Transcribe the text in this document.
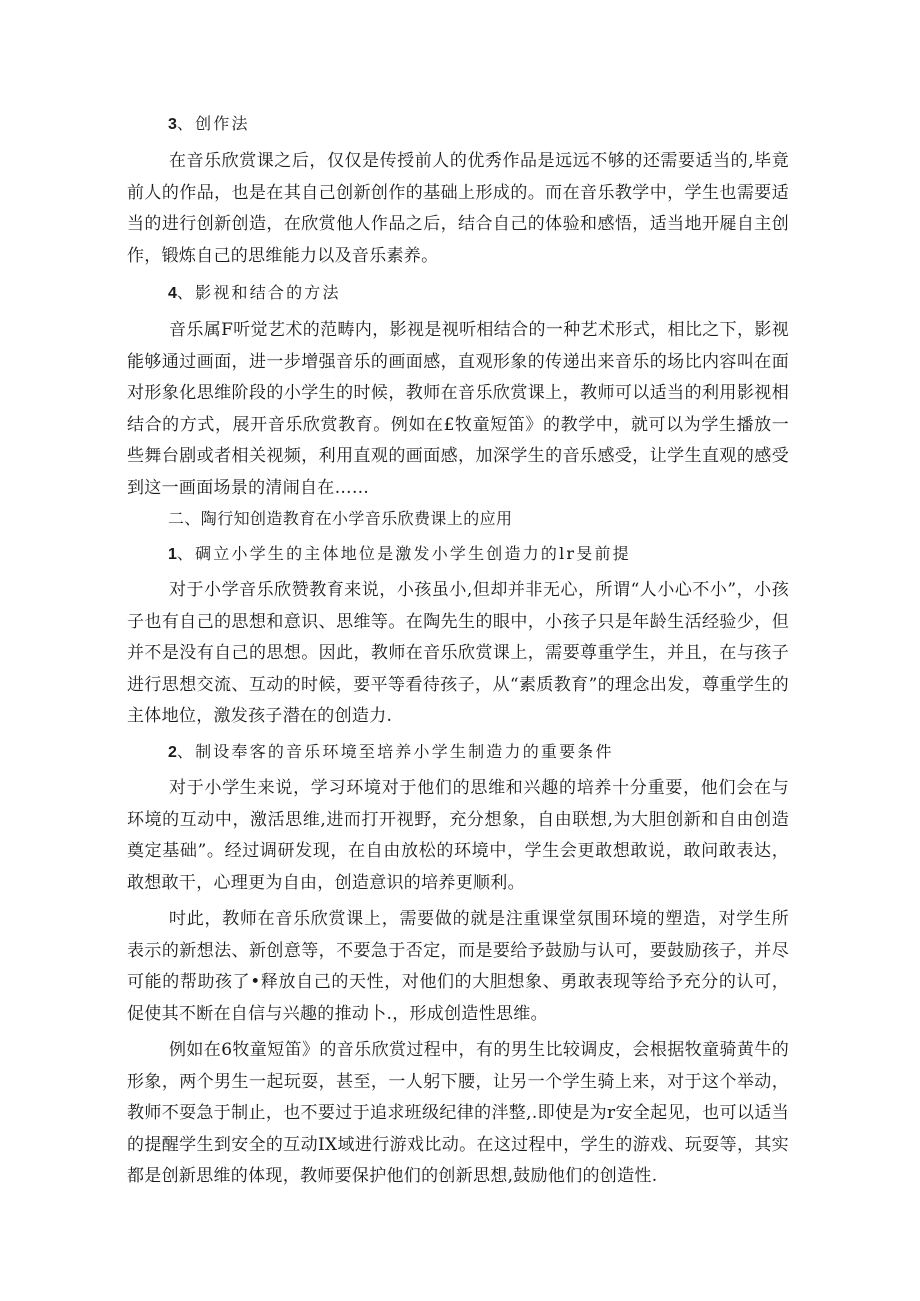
3、创作法

在音乐欣赏课之后，仅仅是传授前人的优秀作品是远远不够的还需要适当的,毕竟前人的作品，也是在其自己创新创作的基础上形成的。而在音乐教学中，学生也需要适当的进行创新创造，在欣赏他人作品之后，结合自己的体验和感悟，适当地开屣自主创作，锻炼自己的思维能力以及音乐素养。

4、影视和结合的方法

音乐属F听觉艺术的范畴内，影视是视听相结合的一种艺术形式，相比之下，影视能够通过画面，进一步增强音乐的画面感，直观形象的传递出来音乐的场比内容叫在面对形象化思维阶段的小学生的时候，教师在音乐欣赏课上，教师可以适当的利用影视相结合的方式，展开音乐欣赏教育。例如在£牧童短笛》的教学中，就可以为学生播放一些舞台剧或者相关视频，利用直观的画面感，加深学生的音乐感受，让学生直观的感受到这一画面场景的清闹自在……

二、陶行知创造教育在小学音乐欣费课上的应用
1、碉立小学生的主体地位是激发小学生创造力的lr旻前提

对于小学音乐欣赞教育来说，小孩虽小,但却并非无心，所谓“人小心不小”，小孩子也有自己的思想和意识、思维等。在陶先生的眼中，小孩子只是年龄生活经验少，但并不是没有自己的思想。因此，教师在音乐欣赏课上，需要尊重学生，并且，在与孩子进行思想交流、互动的时候，要平等看待孩子，从“素质教育”的理念出发，尊重学生的主体地位，激发孩子潜在的创造力.

2、制设奉客的音乐环境至培养小学生制造力的重要条件

对于小学生来说，学习环境对于他们的思维和兴趣的培养十分重要，他们会在与环境的互动中，激活思维,进而打开视野，充分想象，自由联想,为大胆创新和自由创造奠定基础”。经过调研发现，在自由放松的环境中，学生会更敢想敢说，敢问敢表达，敢想敢干，心理更为自由，创造意识的培养更顺利。

吋此，教师在音乐欣赏课上，需要做的就是注重课堂氛围环境的塑造，对学生所表示的新想法、新创意等，不要急于否定，而是要给予鼓励与认可，要鼓励孩子，并尽可能的帮助孩了•释放自己的天性，对他们的大胆想象、勇敢表现等给予充分的认可，促使其不断在自信与兴趣的推动卜.，形成创造性思维。

例如在6牧童短笛》的音乐欣赏过程中，有的男生比较调皮，会根据牧童骑黄牛的形象，两个男生一起玩耍，甚至，一人躬下腰，让另一个学生骑上来，对于这个举动，教师不耍急于制止，也不要过于追求班级纪律的泮整,.即使是为r安全起见，也可以适当的提醒学生到安全的互动IX域进行游戏比动。在这过程中，学生的游戏、玩耍等，其实都是创新思维的体现，教师要保护他们的创新思想,鼓励他们的创造性.
